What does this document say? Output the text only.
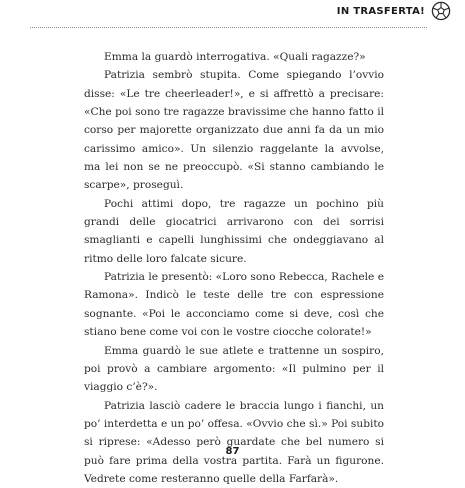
IN TRASFERTA!

Emma la guardò interrogativa. «Quali ragazze?»

Patrizia sembrò stupita. Come spiegando l’ovvio disse: «Le tre cheerleader!», e si affrettò a precisare: «Che poi sono tre ragazze bravissime che hanno fatto il corso per majorette organizzato due anni fa da un mio carissimo amico». Un silenzio raggelante la avvolse, ma lei non se ne preoccupò. «Si stanno cambiando le scarpe», proseguì.

Pochi attimi dopo, tre ragazze un pochino più grandi delle giocatrici arrivarono con dei sorrisi smaglianti e capelli lunghissimi che ondeggiavano al ritmo delle loro falcate sicure.

Patrizia le presentò: «Loro sono Rebecca, Rachele e Ramona». Indicò le teste delle tre con espressione sognante. «Poi le acconciamo come si deve, così che stiano bene come voi con le vostre ciocche colorate!»

Emma guardò le sue atlete e trattenne un sospiro, poi provò a cambiare argomento: «Il pulmino per il viaggio c’è?».

Patrizia lasciò cadere le braccia lungo i fianchi, un po’ interdetta e un po’ offesa. «Ovvio che sì.» Poi subito si riprese: «Adesso però guardate che bel numero si può fare prima della vostra partita. Farà un figurone. Vedrete come resteranno quelle della Farfarà».

87
